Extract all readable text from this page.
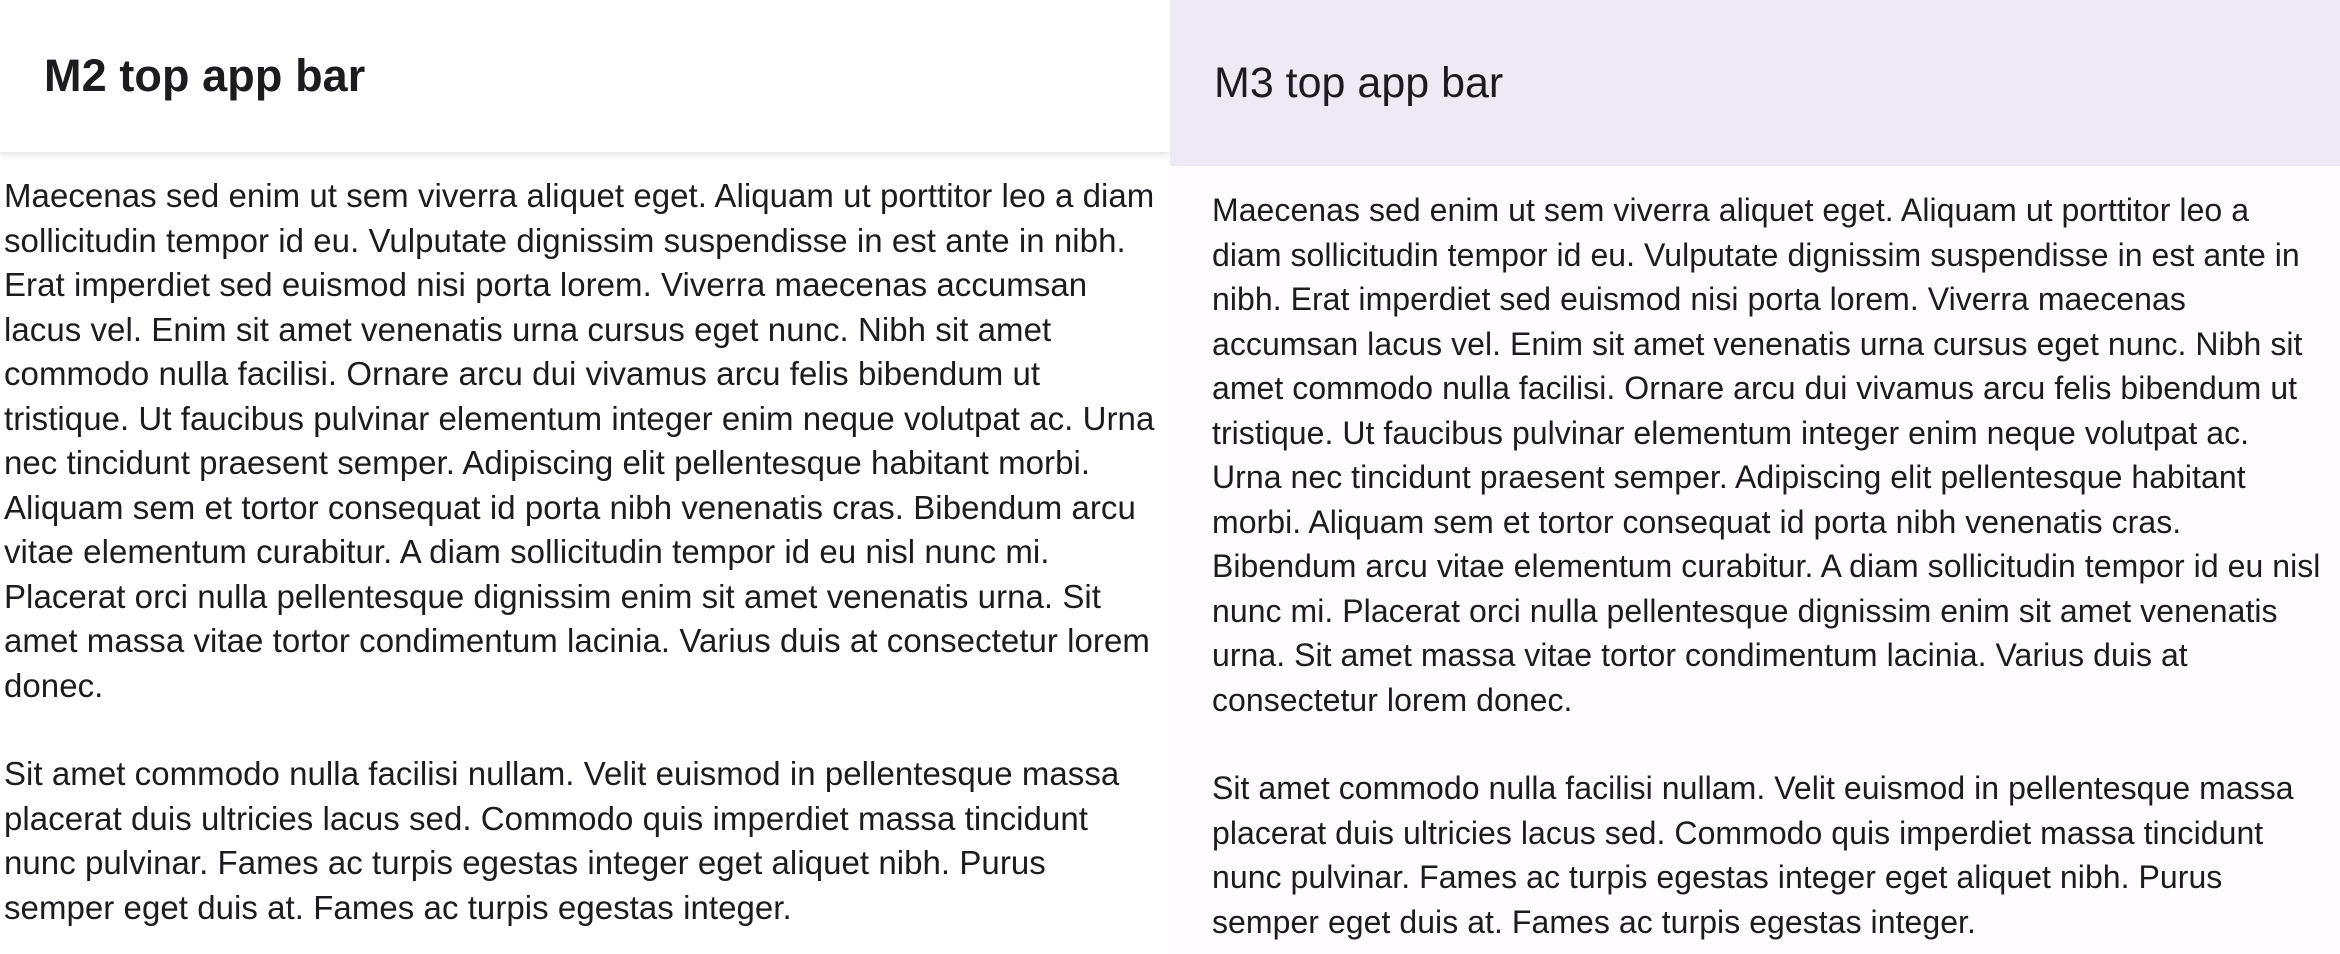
M2 top app bar

Maecenas sed enim ut sem viverra aliquet eget. Aliquam ut porttitor leo a diam sollicitudin tempor id eu. Vulputate dignissim suspendisse in est ante in nibh. Erat imperdiet sed euismod nisi porta lorem. Viverra maecenas accumsan lacus vel. Enim sit amet venenatis urna cursus eget nunc. Nibh sit amet commodo nulla facilisi. Ornare arcu dui vivamus arcu felis bibendum ut tristique. Ut faucibus pulvinar elementum integer enim neque volutpat ac. Urna nec tincidunt praesent semper. Adipiscing elit pellentesque habitant morbi. Aliquam sem et tortor consequat id porta nibh venenatis cras. Bibendum arcu vitae elementum curabitur. A diam sollicitudin tempor id eu nisl nunc mi. Placerat orci nulla pellentesque dignissim enim sit amet venenatis urna. Sit amet massa vitae tortor condimentum lacinia. Varius duis at consectetur lorem donec.

Sit amet commodo nulla facilisi nullam. Velit euismod in pellentesque massa placerat duis ultricies lacus sed. Commodo quis imperdiet massa tincidunt nunc pulvinar. Fames ac turpis egestas integer eget aliquet nibh. Purus semper eget duis at. Fames ac turpis egestas integer.

M3 top app bar

Maecenas sed enim ut sem viverra aliquet eget. Aliquam ut porttitor leo a diam sollicitudin tempor id eu. Vulputate dignissim suspendisse in est ante in nibh. Erat imperdiet sed euismod nisi porta lorem. Viverra maecenas accumsan lacus vel. Enim sit amet venenatis urna cursus eget nunc. Nibh sit amet commodo nulla facilisi. Ornare arcu dui vivamus arcu felis bibendum ut tristique. Ut faucibus pulvinar elementum integer enim neque volutpat ac. Urna nec tincidunt praesent semper. Adipiscing elit pellentesque habitant morbi. Aliquam sem et tortor consequat id porta nibh venenatis cras. Bibendum arcu vitae elementum curabitur. A diam sollicitudin tempor id eu nisl nunc mi. Placerat orci nulla pellentesque dignissim enim sit amet venenatis urna. Sit amet massa vitae tortor condimentum lacinia. Varius duis at consectetur lorem donec.

Sit amet commodo nulla facilisi nullam. Velit euismod in pellentesque massa placerat duis ultricies lacus sed. Commodo quis imperdiet massa tincidunt nunc pulvinar. Fames ac turpis egestas integer eget aliquet nibh. Purus semper eget duis at. Fames ac turpis egestas integer.
